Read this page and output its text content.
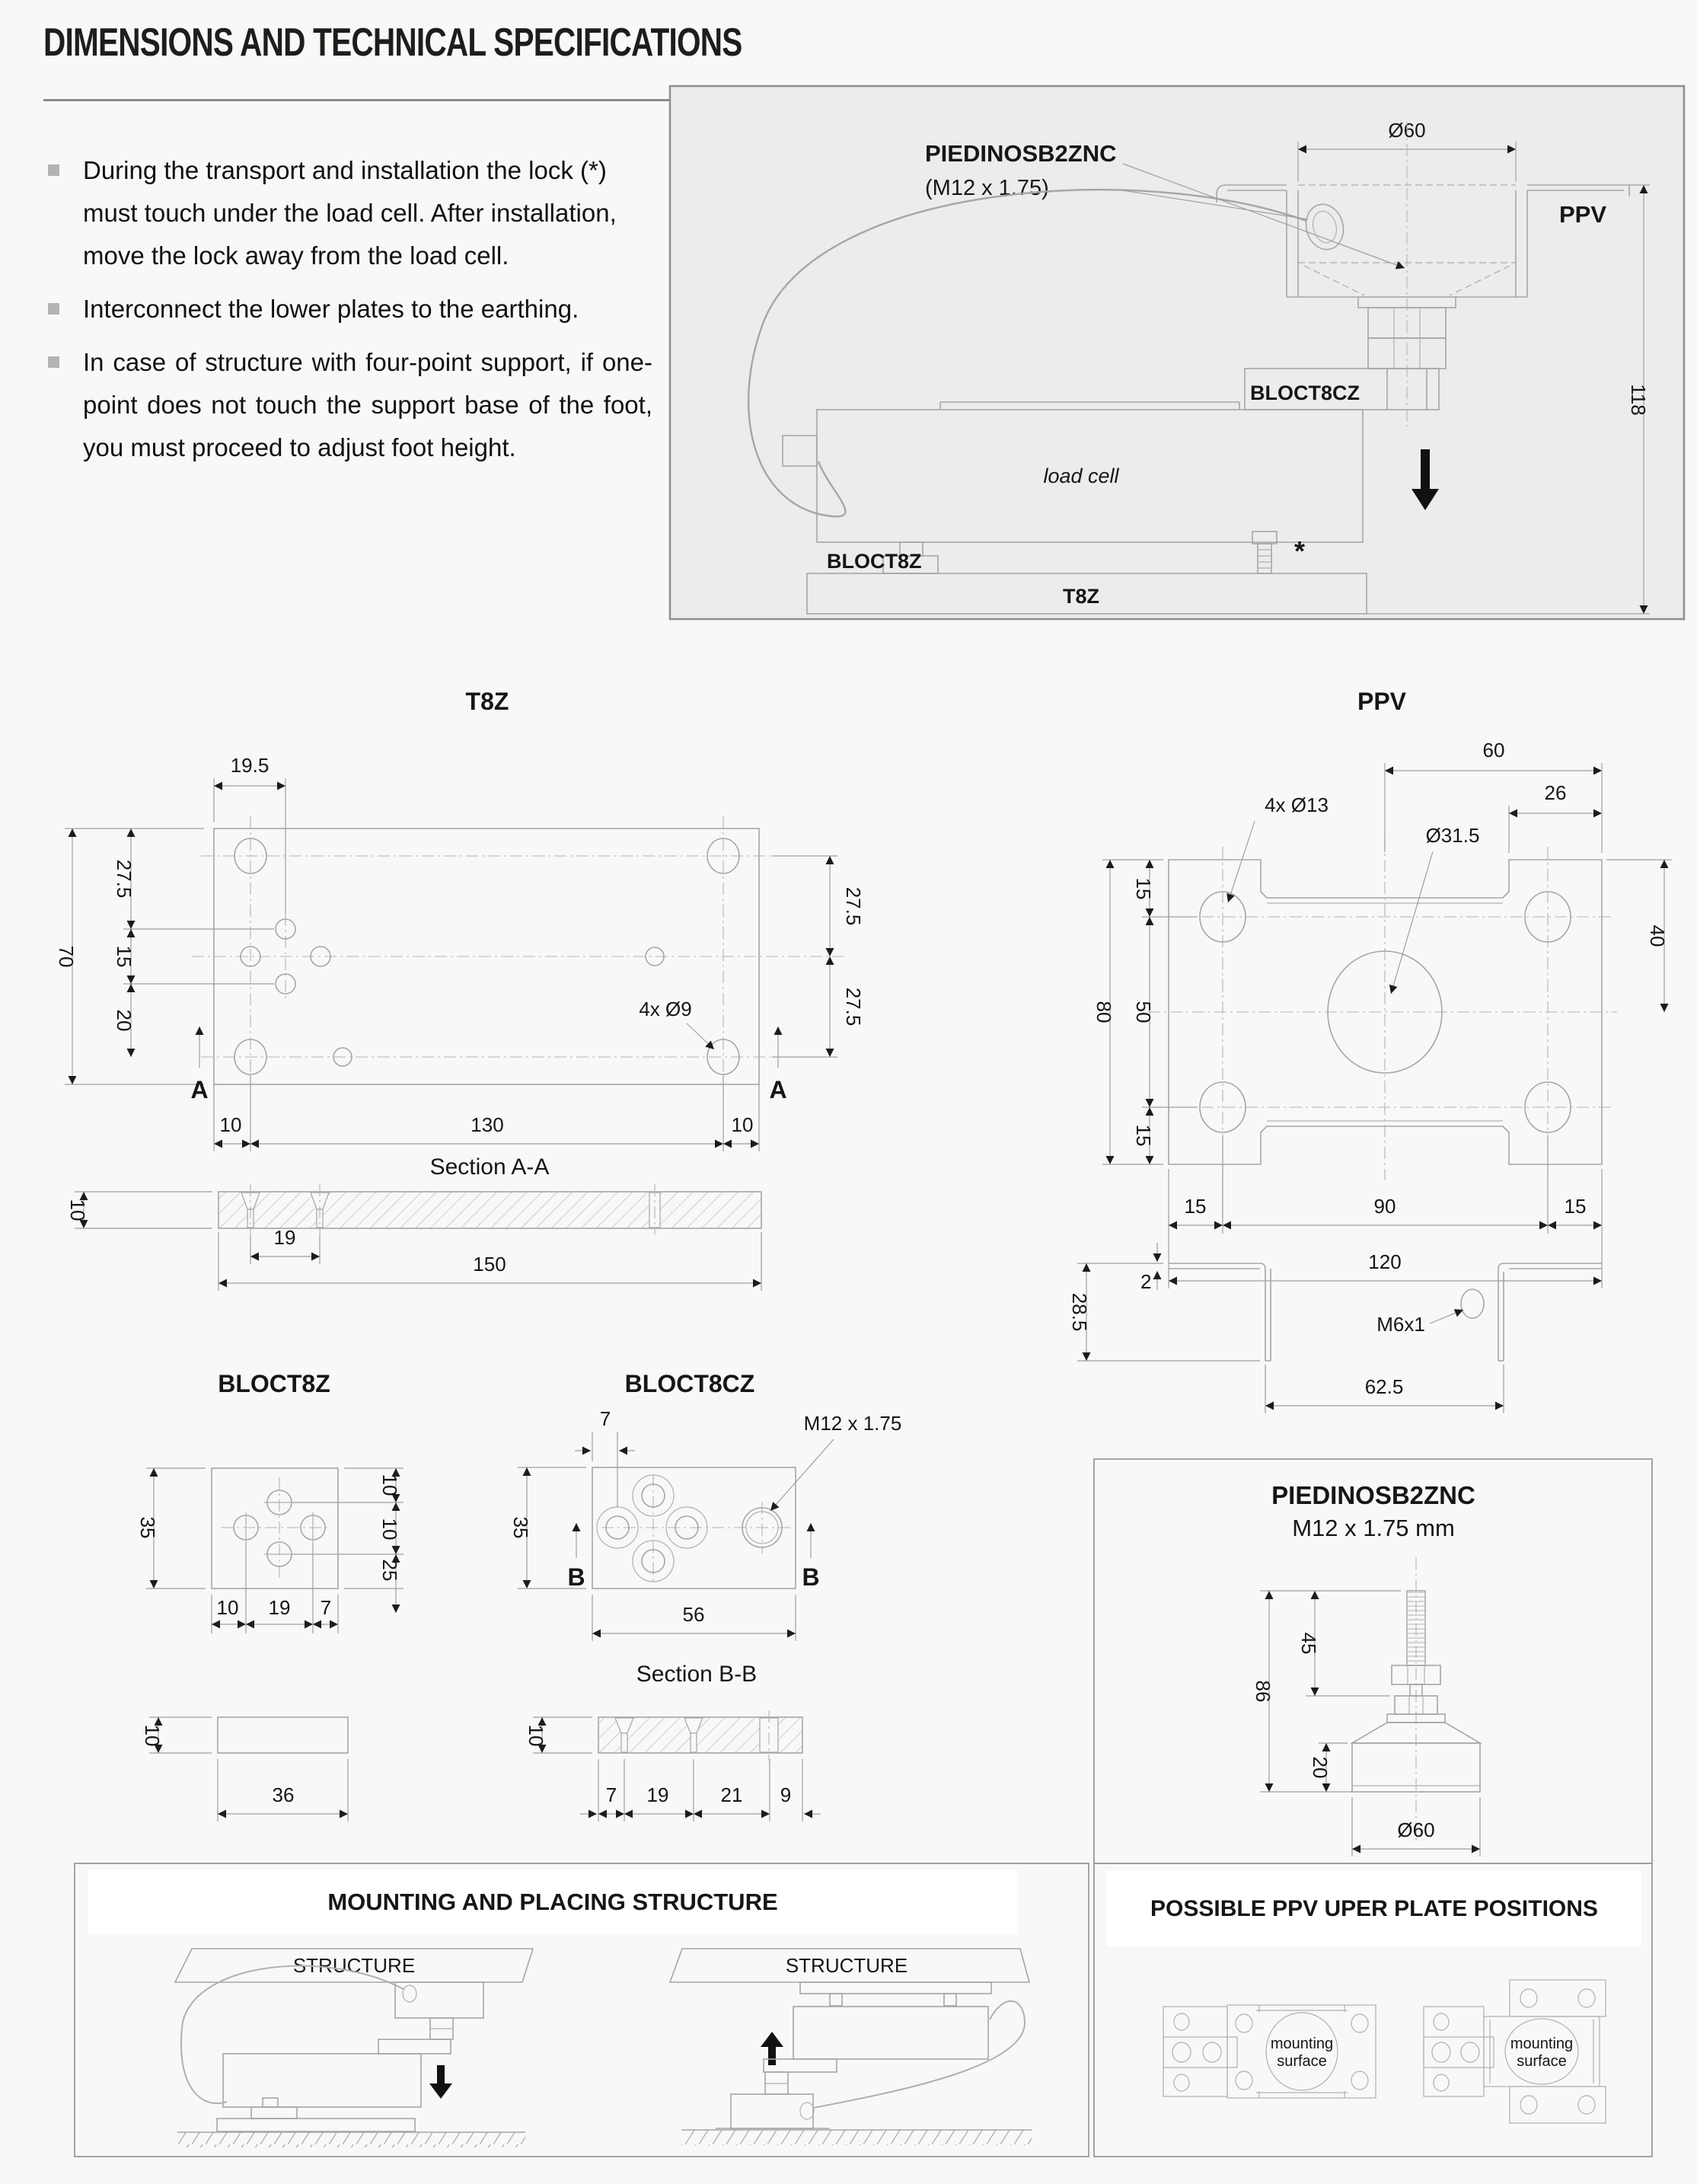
DIMENSIONS AND TECHNICAL SPECIFICATIONS
During the transport and installation the lock (*) must touch under the load cell. After installation, move the lock away from the load cell.
Interconnect the lower plates to the earthing.
In case of structure with four-point support, if one-point does not touch the support base of the foot, you must proceed to adjust foot height.
PIEDINOSB2ZNC
(M12 x 1.75)
Ø60
BLOCT8CZ
load cell
PPV
BLOCT8Z	*
T8Z
118
T8Z
19.5
70
27.5
15
20
27.5
27.5
A	A
4x Ø9
10	130	10
Section A-A
10
19
150
PPV
60
26
4x Ø13
Ø31.5
80
15
50
15
40
15	90	15
120
M6x1
28.5
2
62.5
BLOCT8Z
35
10
10
25
10 19 7
10
36
BLOCT8CZ
7	M12 x 1.75
35
B	B
56
Section B-B
10
7 19	21 9
PIEDINOSB2ZNC
M12 x 1.75 mm
86
45
20
Ø60
MOUNTING AND PLACING STRUCTURE
STRUCTURE	STRUCTURE
POSSIBLE PPV UPER PLATE POSITIONS
mounting
surface
mounting
surface
